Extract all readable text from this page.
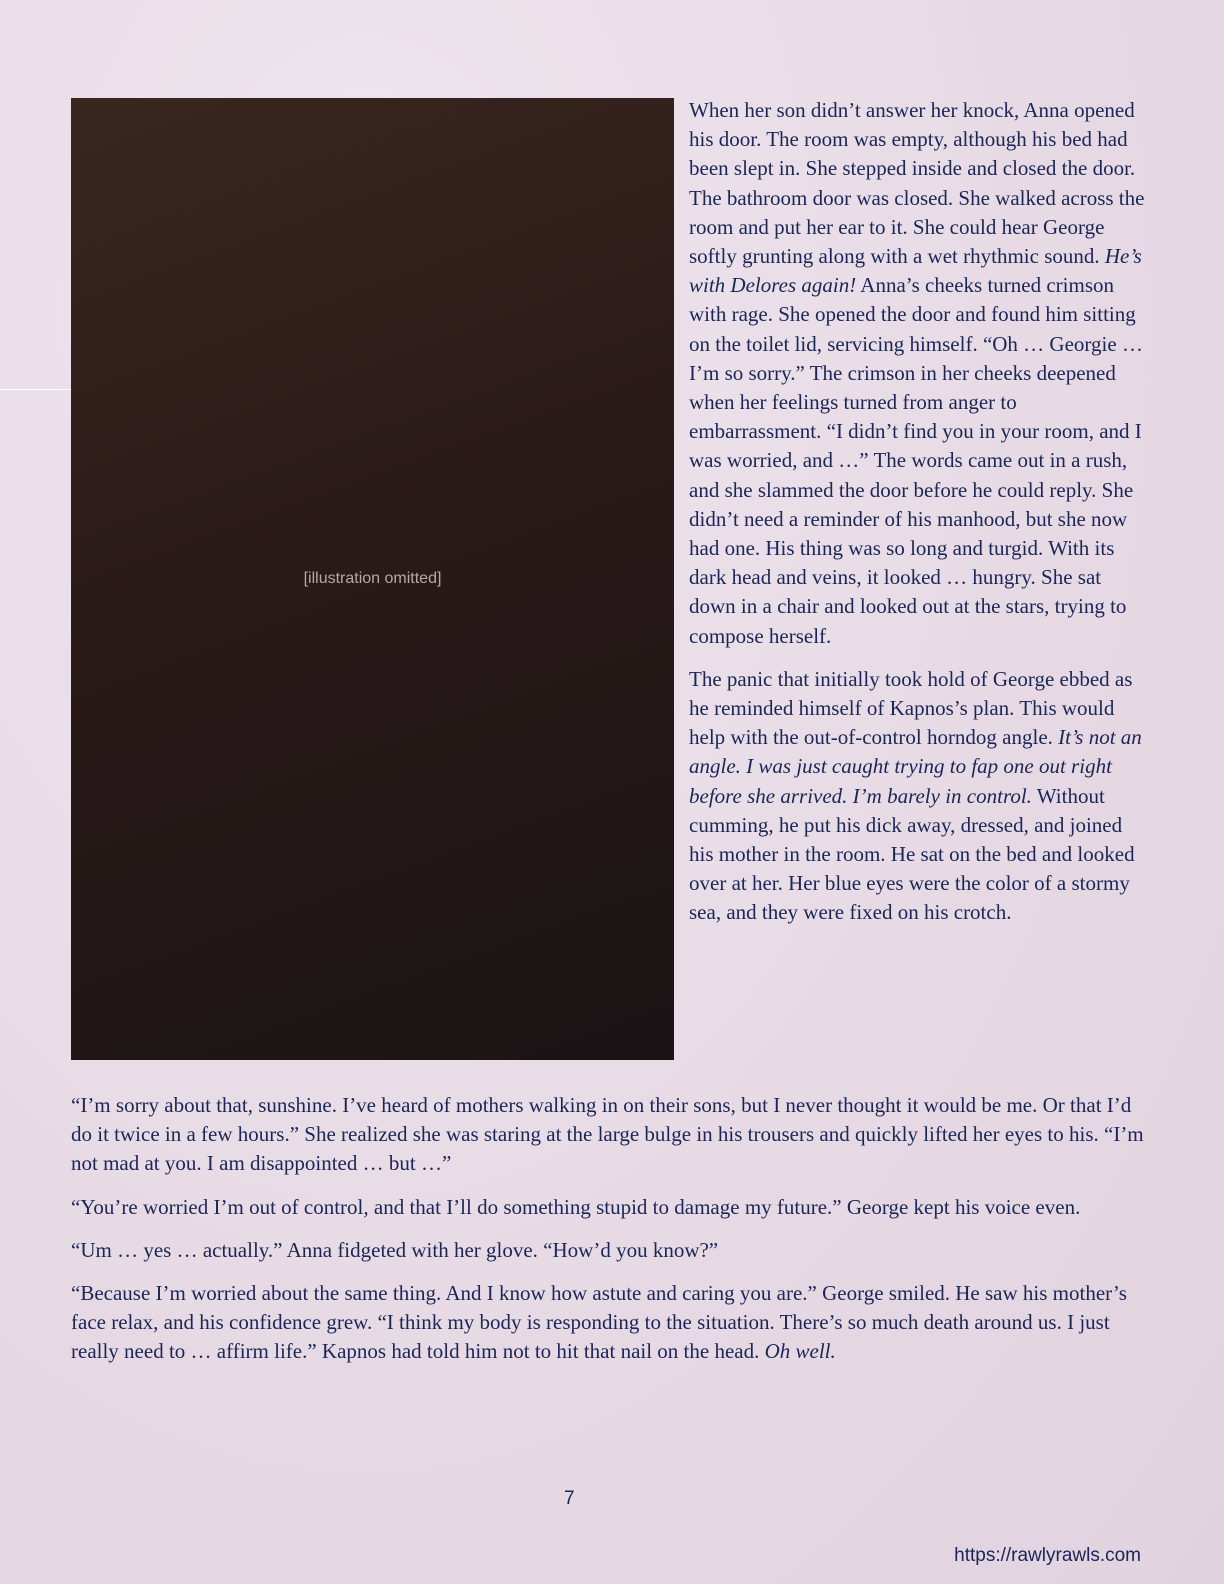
[illustration omitted]

When her son didn’t answer her knock, Anna opened his door. The room was empty, although his bed had been slept in. She stepped inside and closed the door. The bathroom door was closed. She walked across the room and put her ear to it. She could hear George softly grunting along with a wet rhythmic sound. He’s with Delores again! Anna’s cheeks turned crimson with rage. She opened the door and found him sitting on the toilet lid, servicing himself. “Oh … Georgie … I’m so sorry.” The crimson in her cheeks deepened when her feelings turned from anger to embarrassment. “I didn’t find you in your room, and I was worried, and …” The words came out in a rush, and she slammed the door before he could reply. She didn’t need a reminder of his manhood, but she now had one. His thing was so long and turgid. With its dark head and veins, it looked … hungry. She sat down in a chair and looked out at the stars, trying to compose herself.

The panic that initially took hold of George ebbed as he reminded himself of Kapnos’s plan. This would help with the out-of-control horndog angle. It’s not an angle. I was just caught trying to fap one out right before she arrived. I’m barely in control. Without cumming, he put his dick away, dressed, and joined his mother in the room. He sat on the bed and looked over at her. Her blue eyes were the color of a stormy sea, and they were fixed on his crotch.

“I’m sorry about that, sunshine. I’ve heard of mothers walking in on their sons, but I never thought it would be me. Or that I’d do it twice in a few hours.” She realized she was staring at the large bulge in his trousers and quickly lifted her eyes to his. “I’m not mad at you. I am disappointed … but …”

“You’re worried I’m out of control, and that I’ll do something stupid to damage my future.” George kept his voice even.

“Um … yes … actually.” Anna fidgeted with her glove. “How’d you know?”

“Because I’m worried about the same thing. And I know how astute and caring you are.” George smiled. He saw his mother’s face relax, and his confidence grew. “I think my body is responding to the situation. There’s so much death around us. I just really need to … affirm life.” Kapnos had told him not to hit that nail on the head. Oh well.

7
https://rawlyrawls.com
